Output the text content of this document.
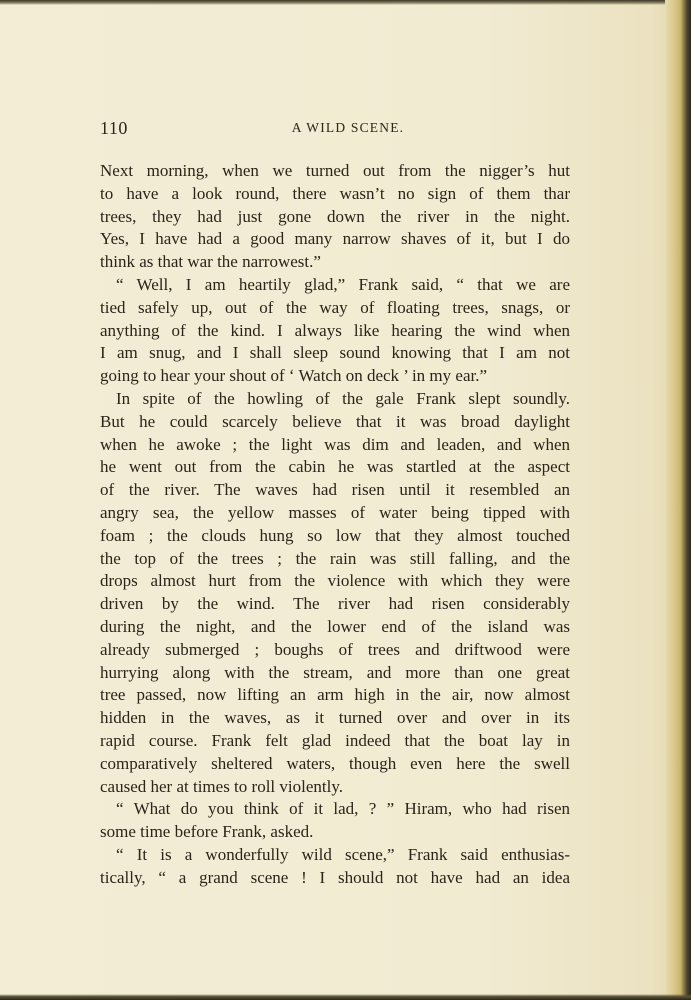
110	A WILD SCENE.
Next morning, when we turned out from the nigger’s hut
to have a look round, there wasn’t no sign of them thar
trees, they had just gone down the river in the night.
Yes, I have had a good many narrow shaves of it, but I do
think as that war the narrowest.”
“ Well, I am heartily glad,” Frank said, “ that we are
tied safely up, out of the way of floating trees, snags, or
anything of the kind. I always like hearing the wind when
I am snug, and I shall sleep sound knowing that I am not
going to hear your shout of ‘ Watch on deck ’ in my ear.”
In spite of the howling of the gale Frank slept soundly.
But he could scarcely believe that it was broad daylight
when he awoke ; the light was dim and leaden, and when
he went out from the cabin he was startled at the aspect
of the river. The waves had risen until it resembled an
angry sea, the yellow masses of water being tipped with
foam ; the clouds hung so low that they almost touched
the top of the trees ; the rain was still falling, and the
drops almost hurt from the violence with which they were
driven by the wind. The river had risen considerably
during the night, and the lower end of the island was
already submerged ; boughs of trees and driftwood were
hurrying along with the stream, and more than one great
tree passed, now lifting an arm high in the air, now almost
hidden in the waves, as it turned over and over in its
rapid course. Frank felt glad indeed that the boat lay in
comparatively sheltered waters, though even here the swell
caused her at times to roll violently.
“ What do you think of it lad, ? ” Hiram, who had risen
some time before Frank, asked.
“ It is a wonderfully wild scene,” Frank said enthusias-
tically, “ a grand scene ! I should not have had an idea
